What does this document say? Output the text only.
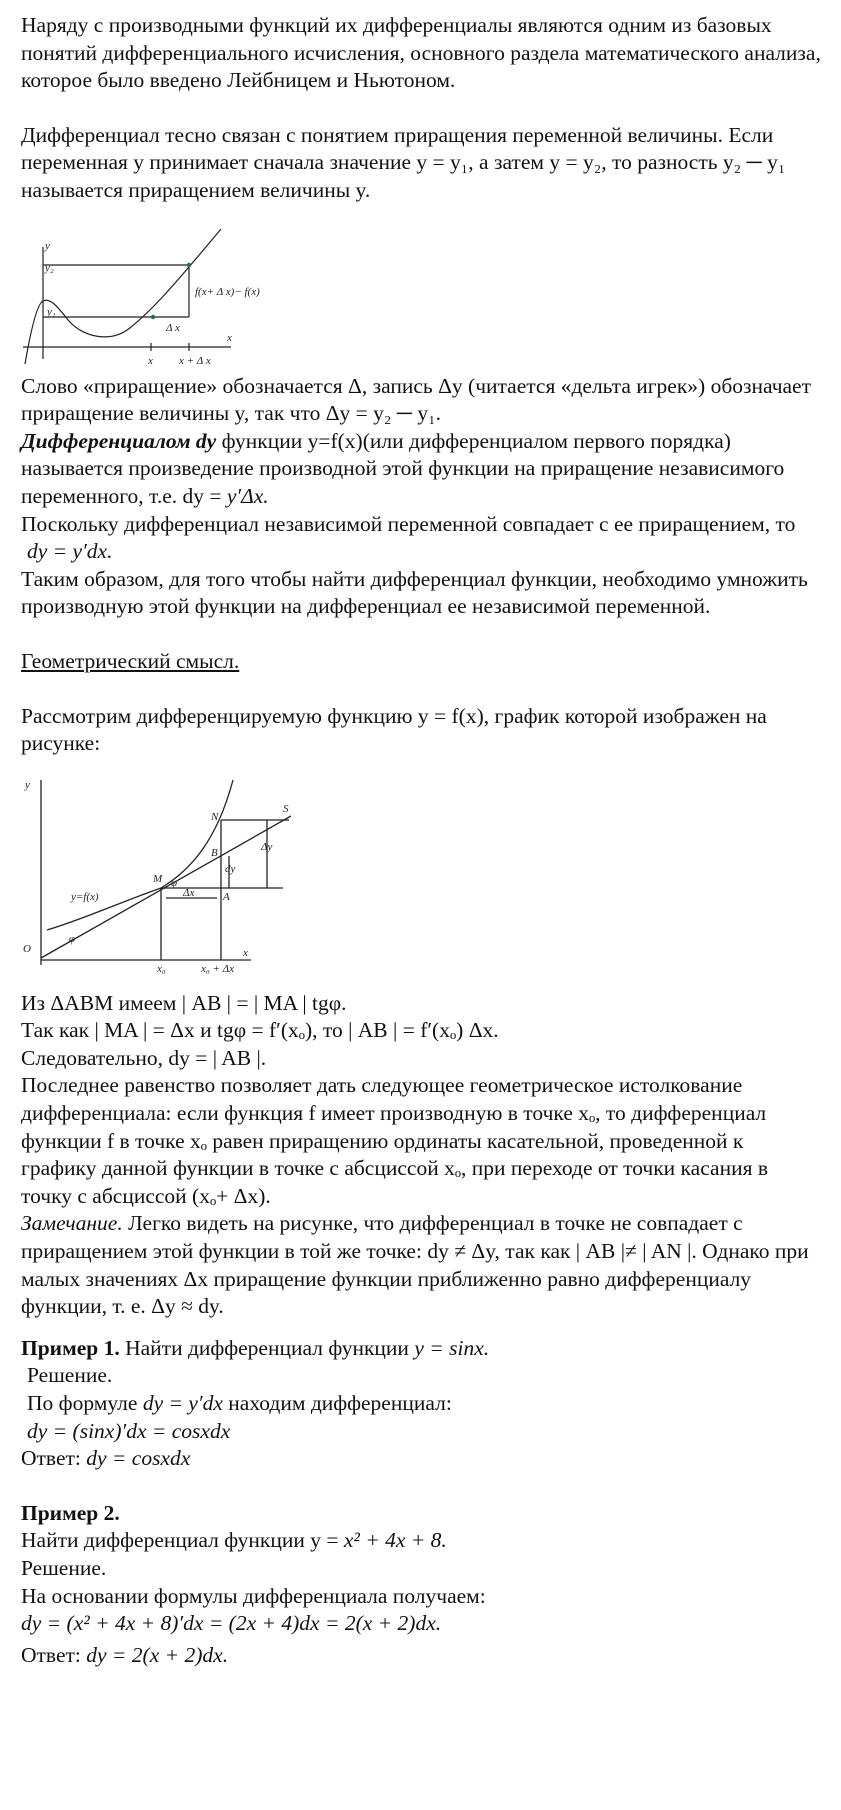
Наряду с производными функций их дифференциалы являются одним из базовых понятий дифференциального исчисления, основного раздела математического анализа, которое было введено Лейбницем и Ньютоном.

Дифференциал тесно связан с понятием приращения переменной величины. Если переменная y принимает сначала значение y = y₁, а затем y = y₂, то разность y₂ ─ y₁ называется приращением величины y.

y
y₂
y₁
x
f(x+ Δ x)− f(x)
Δ x
x x + Δ x

Слово «приращение» обозначается Δ, запись Δy (читается «дельта игрек») обозначает приращение величины y, так что Δy = y₂ ─ y₁.

Дифференциалом dy функции y=f(x)(или дифференциалом первого порядка) называется произведение производной этой функции на приращение независимого переменного, т.е. dy = y′Δx.

Поскольку дифференциал независимой переменной совпадает с ее приращением, то

dy = y′dx.

Таким образом, для того чтобы найти дифференциал функции, необходимо умножить производную этой функции на дифференциал ее независимой переменной.

Геометрический смысл.

Рассмотрим дифференцируемую функцию y = f(x), график которой изображен на рисунке:

y
O	x
N
S
B
M
A
φ
φ
dy
Δy
Δx
y=f(x)
x₀	x₀ + Δx

Из ΔABM имеем | AB | = | MA | tgφ.

Так как | MA | = Δx и tgφ = f′(xₒ), то | AB | = f′(xₒ) Δx.

Следовательно, dy = | AB |.

Последнее равенство позволяет дать следующее геометрическое истолкование дифференциала: если функция f имеет производную в точке xₒ, то дифференциал функции f в точке xₒ равен приращению ординаты касательной, проведенной к графику данной функции в точке с абсциссой xₒ, при переходе от точки касания в точку с абсциссой (xₒ+ Δx).

Замечание. Легко видеть на рисунке, что дифференциал в точке не совпадает с приращением этой функции в той же точке: dy ≠ Δy, так как | AB |≠ | AN |. Однако при малых значениях Δx приращение функции приближенно равно дифференциалу функции, т. е. Δy ≈ dy.

Пример 1. Найти дифференциал функции y = sinx.

Решение.

По формуле dy = y′dx находим дифференциал:

dy = (sinx)′dx = cosxdx

Ответ: dy = cosxdx

Пример 2.

Найти дифференциал функции y = x² + 4x + 8.

Решение.

На основании формулы дифференциала получаем:

dy = (x² + 4x + 8)′dx = (2x + 4)dx = 2(x + 2)dx.

Ответ: dy = 2(x + 2)dx.
